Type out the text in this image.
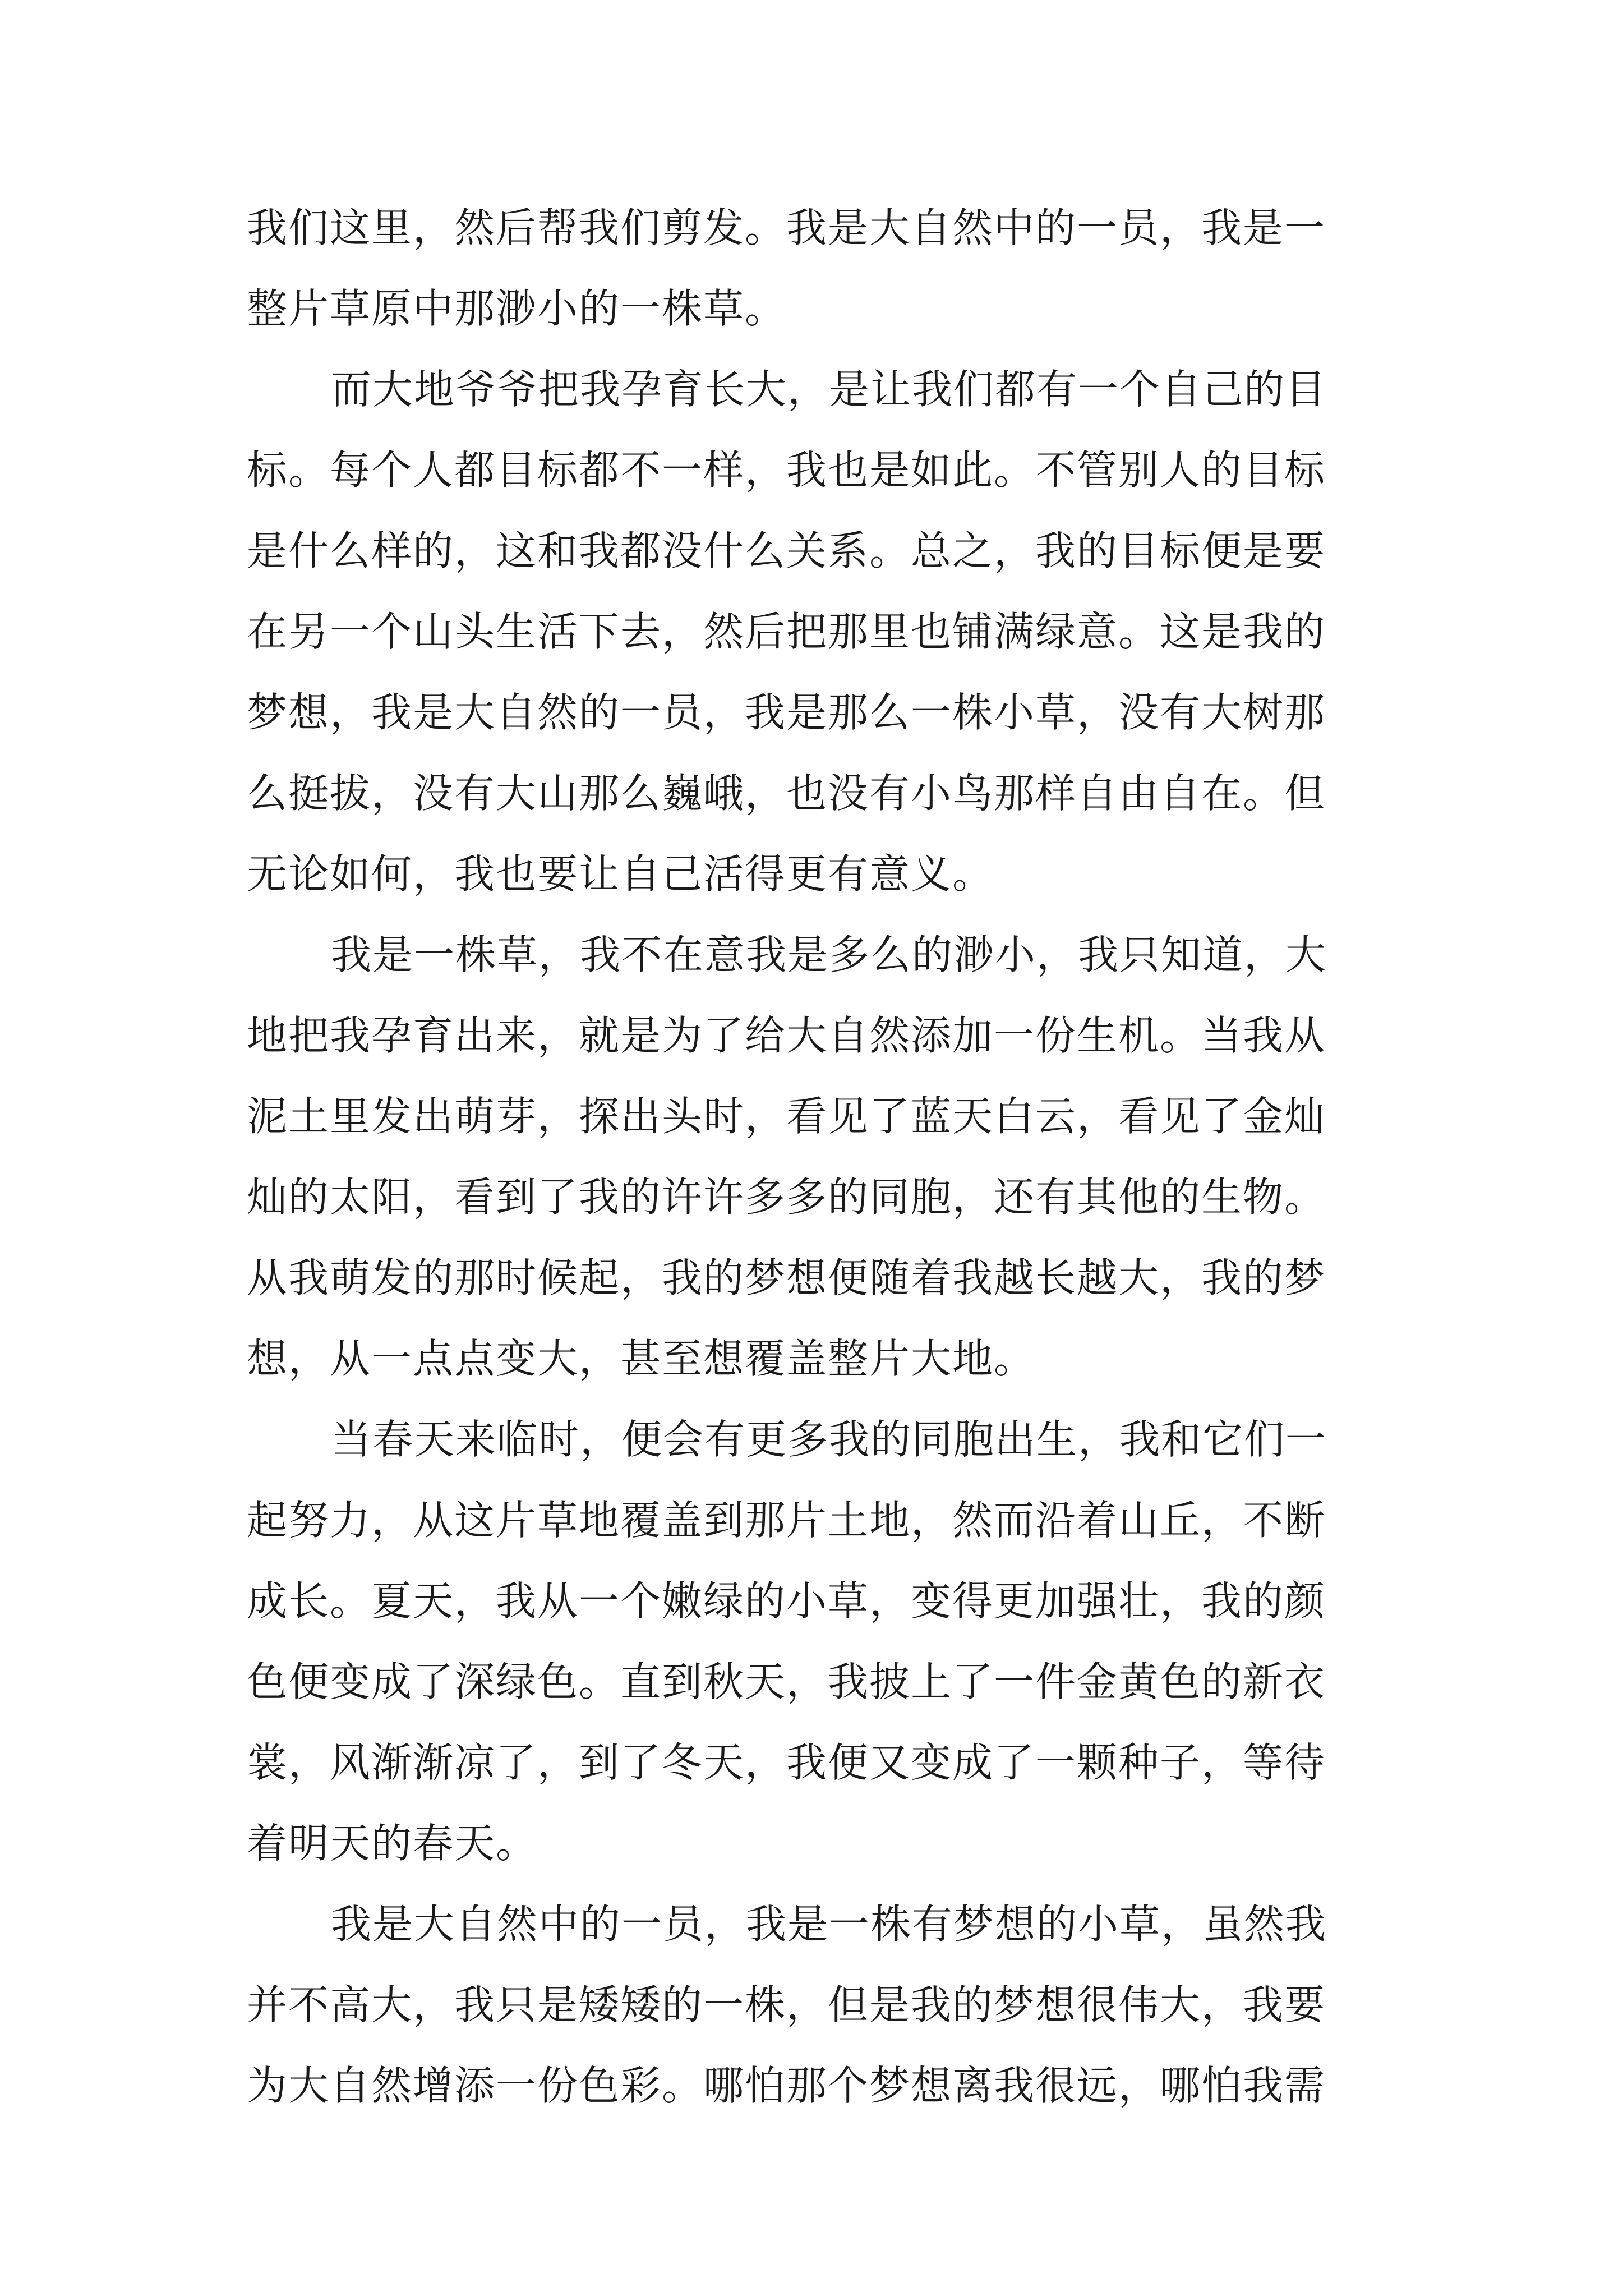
我们这里，然后帮我们剪发。我是大自然中的一员，我是一
整片草原中那渺小的一株草。
而大地爷爷把我孕育长大，是让我们都有一个自己的目
标。每个人都目标都不一样，我也是如此。不管别人的目标
是什么样的，这和我都没什么关系。总之，我的目标便是要
在另一个山头生活下去，然后把那里也铺满绿意。这是我的
梦想，我是大自然的一员，我是那么一株小草，没有大树那
么挺拔，没有大山那么巍峨，也没有小鸟那样自由自在。但
无论如何，我也要让自己活得更有意义。
我是一株草，我不在意我是多么的渺小，我只知道，大
地把我孕育出来，就是为了给大自然添加一份生机。当我从
泥土里发出萌芽，探出头时，看见了蓝天白云，看见了金灿
灿的太阳，看到了我的许许多多的同胞，还有其他的生物。
从我萌发的那时候起，我的梦想便随着我越长越大，我的梦
想，从一点点变大，甚至想覆盖整片大地。
当春天来临时，便会有更多我的同胞出生，我和它们一
起努力，从这片草地覆盖到那片土地，然而沿着山丘，不断
成长。夏天，我从一个嫩绿的小草，变得更加强壮，我的颜
色便变成了深绿色。直到秋天，我披上了一件金黄色的新衣
裳，风渐渐凉了，到了冬天，我便又变成了一颗种子，等待
着明天的春天。
我是大自然中的一员，我是一株有梦想的小草，虽然我
并不高大，我只是矮矮的一株，但是我的梦想很伟大，我要
为大自然增添一份色彩。哪怕那个梦想离我很远，哪怕我需
